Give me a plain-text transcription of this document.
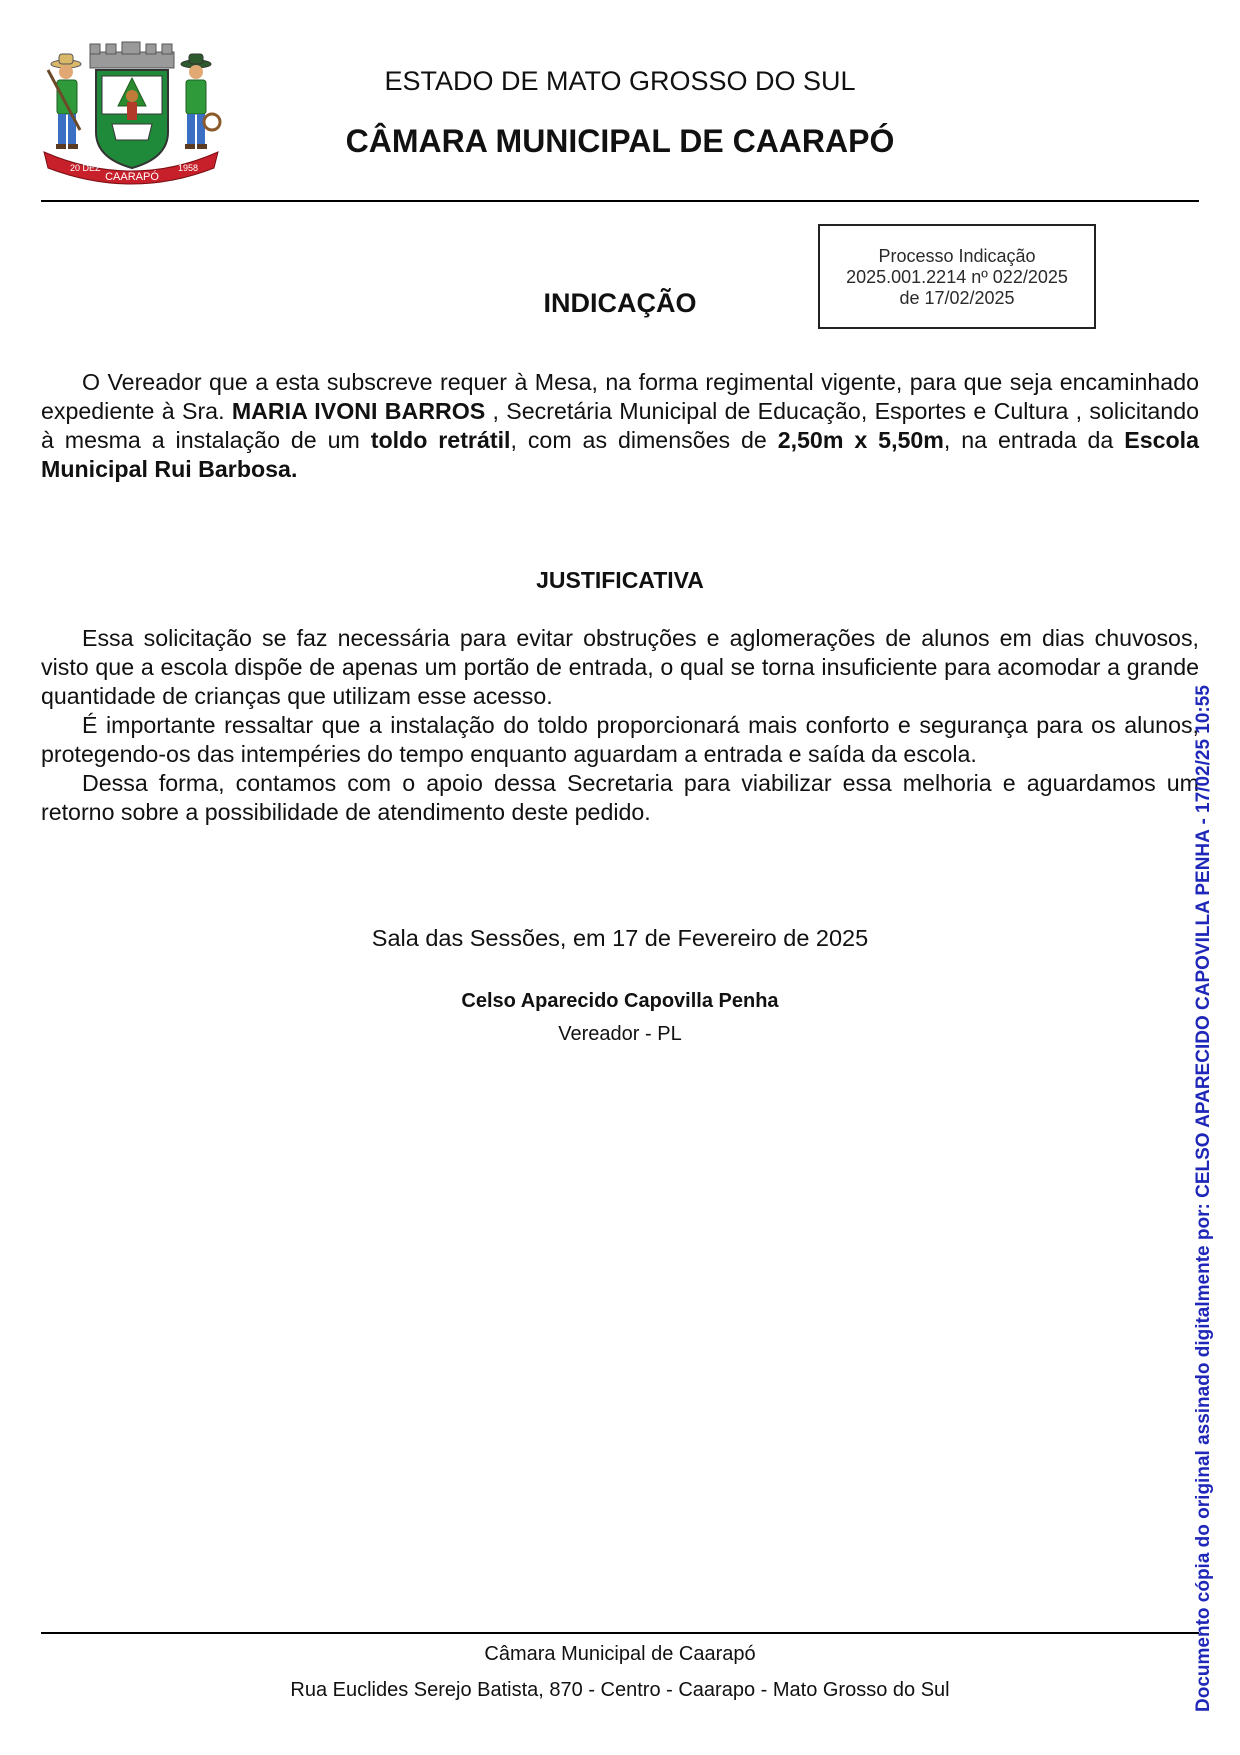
20 DEZ
CAARAPÓ
1958
ESTADO DE MATO GROSSO DO SUL
CÂMARA MUNICIPAL DE CAARAPÓ
Processo Indicação
2025.001.2214 nº 022/2025
de 17/02/2025
INDICAÇÃO

O Vereador que a esta subscreve requer à Mesa, na forma regimental vigente, para que seja encaminhado expediente à Sra. MARIA IVONI BARROS , Secretária Municipal de Educação, Esportes e Cultura , solicitando à mesma a instalação de um toldo retrátil, com as dimensões de 2,50m x 5,50m, na entrada da Escola Municipal Rui Barbosa.

JUSTIFICATIVA

Essa solicitação se faz necessária para evitar obstruções e aglomerações de alunos em dias chuvosos, visto que a escola dispõe de apenas um portão de entrada, o qual se torna insuficiente para acomodar a grande quantidade de crianças que utilizam esse acesso.

É importante ressaltar que a instalação do toldo proporcionará mais conforto e segurança para os alunos, protegendo-os das intempéries do tempo enquanto aguardam a entrada e saída da escola.

Dessa forma, contamos com o apoio dessa Secretaria para viabilizar essa melhoria e aguardamos um retorno sobre a possibilidade de atendimento deste pedido.

Sala das Sessões, em 17 de Fevereiro de 2025
Celso Aparecido Capovilla Penha
Vereador - PL
Câmara Municipal de Caarapó
Rua Euclides Serejo Batista, 870 - Centro - Caarapo - Mato Grosso do Sul	Documento cópia do original assinado digitalmente por: CELSO APARECIDO CAPOVILLA PENHA - 17/02/25 10:55
